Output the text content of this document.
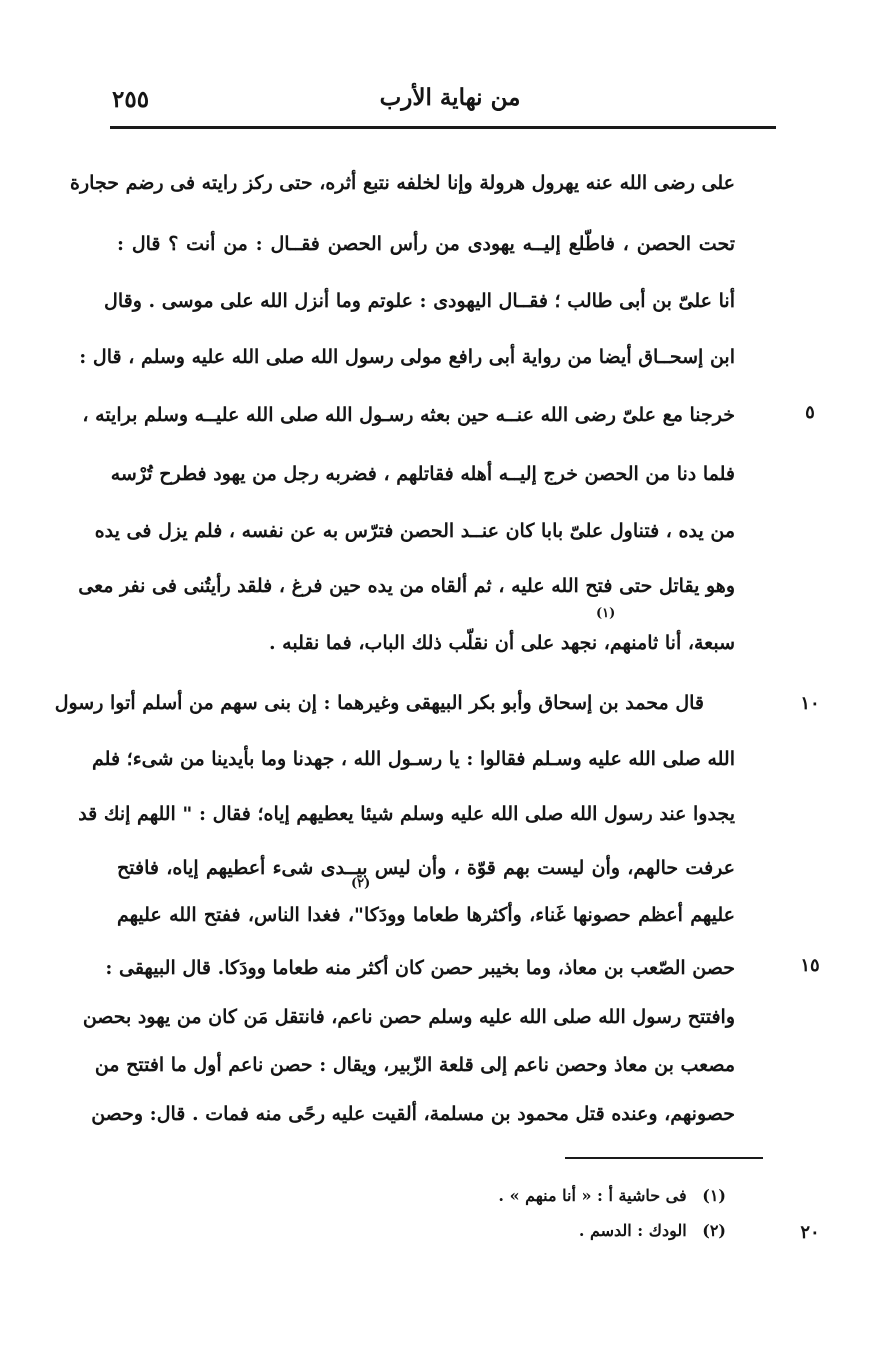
٢٥٥	من نهاية الأرب
على رضى الله عنه يهرول هرولة وإنا لخلفه نتبع أثره، حتى ركز رايته فى رضم حجارة
تحت الحصن ، فاطّلع إليــه يهودى من رأس الحصن فقــال : من أنت ؟ قال :
أنا علىّ بن أبى طالب ؛ فقــال اليهودى : علوتم وما أنزل الله على موسى . وقال
ابن إسحــاق أيضا من رواية أبى رافع مولى رسول الله صلى الله عليه وسلم ، قال :
خرجنا مع علىّ رضى الله عنــه حين بعثه رسـول الله صلى الله عليــه وسلم برايته ،
فلما دنا من الحصن خرج إليــه أهله فقاتلهم ، فضربه رجل من يهود فطرح تُرْسه
من يده ، فتناول علىّ بابا كان عنــد الحصن فترّس به عن نفسه ، فلم يزل فى يده
وهو يقاتل حتى فتح الله عليه ، ثم ألقاه من يده حين فرغ ، فلقد رأيتُنى فى نفر معى
سبعة، أنا ثامنهم، نجهد على أن نقلّب ذلك الباب، فما نقلبه .
قال محمد بن إسحاق وأبو بكر البيهقى وغيرهما : إن بنى سهم من أسلم أتوا رسول
الله صلى الله عليه وسـلم فقالوا : يا رسـول الله ، جهدنا وما بأيدينا من شىء؛ فلم
يجدوا عند رسول الله صلى الله عليه وسلم شيئا يعطيهم إياه؛ فقال : " اللهم إنك قد
عرفت حالهم، وأن ليست بهم قوّة ، وأن ليس بيــدى شىء أعطيهم إياه، فافتح
عليهم أعظم حصونها غَناء، وأكثرها طعاما وودَكا"، فغدا الناس، ففتح الله عليهم
حصن الصّعب بن معاذ، وما بخيبر حصن كان أكثر منه طعاما وودَكا. قال البيهقى :
وافتتح رسول الله صلى الله عليه وسلم حصن ناعم، فانتقل مَن كان من يهود بحصن
مصعب بن معاذ وحصن ناعم إلى قلعة الزّبير، ويقال : حصن ناعم أول ما افتتح من
حصونهم، وعنده قتل محمود بن مسلمة، ألقيت عليه رحًى منه فمات . قال: وحصن
(١)
(٢)
٥
١٠
١٥
٢٠
(١) فى حاشية أ : « أنا منهم » .
(٢) الودك : الدسم .
